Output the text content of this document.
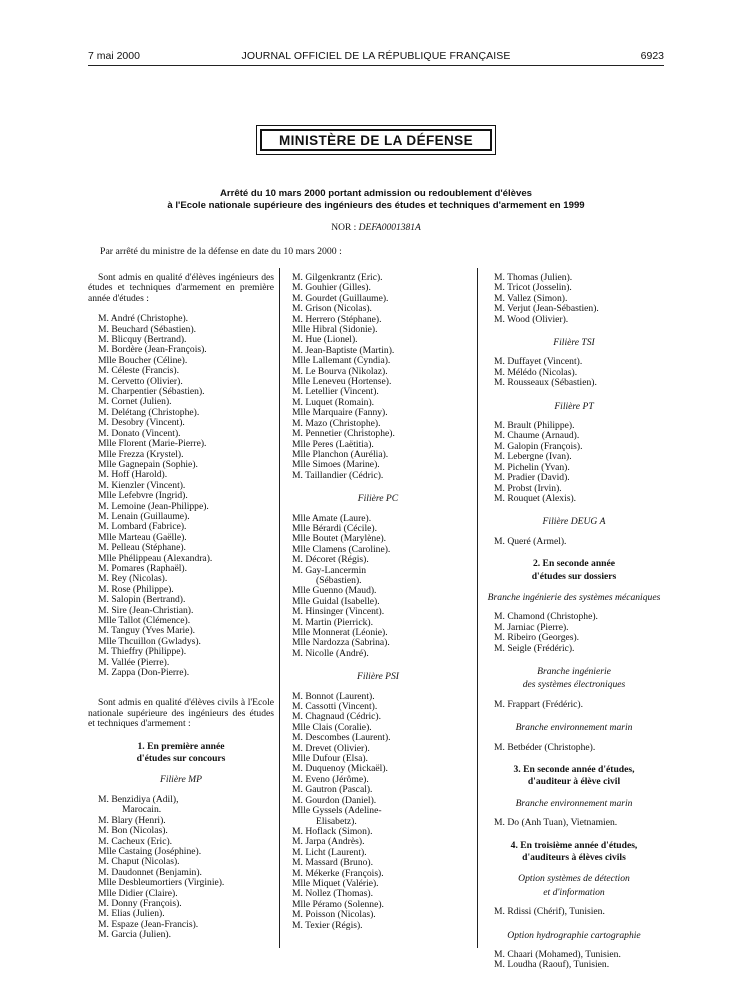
7 mai 2000	JOURNAL OFFICIEL DE LA RÉPUBLIQUE FRANÇAISE	6923
MINISTÈRE DE LA DÉFENSE
Arrêté du 10 mars 2000 portant admission ou redoublement d'élèves
à l'Ecole nationale supérieure des ingénieurs des études et techniques d'armement en 1999
NOR : DEFA0001381A
Par arrêté du ministre de la défense en date du 10 mars 2000 :
Sont admis en qualité d'élèves ingénieurs des études et techniques d'armement en première année d'études :
M. André (Christophe).
M. Beuchard (Sébastien).
M. Blicquy (Bertrand).
M. Bordère (Jean-François).
Mlle Boucher (Céline).
M. Céleste (Francis).
M. Cervetto (Olivier).
M. Charpentier (Sébastien).
M. Cornet (Julien).
M. Delétang (Christophe).
M. Desobry (Vincent).
M. Donato (Vincent).
Mlle Florent (Marie-Pierre).
Mlle Frezza (Krystel).
Mlle Gagnepain (Sophie).
M. Hoff (Harold).
M. Kienzler (Vincent).
Mlle Lefebvre (Ingrid).
M. Lemoine (Jean-Philippe).
M. Lenain (Guillaume).
M. Lombard (Fabrice).
Mlle Marteau (Gaëlle).
M. Pelleau (Stéphane).
Mlle Phélippeau (Alexandra).
M. Pomares (Raphaël).
M. Rey (Nicolas).
M. Rose (Philippe).
M. Salopin (Bertrand).
M. Sire (Jean-Christian).
Mlle Tallot (Clémence).
M. Tanguy (Yves Marie).
Mlle Thcuillon (Gwladys).
M. Thieffry (Philippe).
M. Vallée (Pierre).
M. Zappa (Don-Pierre).
Sont admis en qualité d'élèves civils à l'Ecole nationale supérieure des ingénieurs des études et techniques d'armement :
1. En première année
d'études sur concours
Filière MP
M. Benzidiya (Adil),
Marocain.
M. Blary (Henri).
M. Bon (Nicolas).
M. Cacheux (Eric).
Mlle Castaing (Joséphine).
M. Chaput (Nicolas).
M. Daudonnet (Benjamin).
Mlle Desbleumortiers (Virginie).
Mlle Didier (Claire).
M. Donny (François).
M. Elias (Julien).
M. Espaze (Jean-Francis).
M. Garcia (Julien).
M. Gilgenkrantz (Eric).
M. Gouhier (Gilles).
M. Gourdet (Guillaume).
M. Grison (Nicolas).
M. Herrero (Stéphane).
Mlle Hibral (Sidonie).
M. Hue (Lionel).
M. Jean-Baptiste (Martin).
Mlle Lallemant (Cyndia).
M. Le Bourva (Nikolaz).
Mlle Leneveu (Hortense).
M. Letellier (Vincent).
M. Luquet (Romain).
Mlle Marquaire (Fanny).
M. Mazo (Christophe).
M. Pennetier (Christophe).
Mlle Peres (Laëtitia).
Mlle Planchon (Aurélia).
Mlle Simoes (Marine).
M. Taillandier (Cédric).
Filière PC
Mlle Amate (Laure).
Mlle Bérardi (Cécile).
Mlle Boutet (Marylène).
Mlle Clamens (Caroline).
M. Décoret (Régis).
M. Gay-Lancermin
(Sébastien).
Mlle Guenno (Maud).
Mlle Guidal (Isabelle).
M. Hinsinger (Vincent).
M. Martin (Pierrick).
Mlle Monnerat (Léonie).
Mlle Nardozza (Sabrina).
M. Nicolle (André).
Filière PSI
M. Bonnot (Laurent).
M. Cassotti (Vincent).
M. Chagnaud (Cédric).
Mlle Clais (Coralie).
M. Descombes (Laurent).
M. Drevet (Olivier).
Mlle Dufour (Elsa).
M. Duquenoy (Mickaël).
M. Eveno (Jérôme).
M. Gautron (Pascal).
M. Gourdon (Daniel).
Mlle Gyssels (Adeline-
Elisabetz).
M. Hoflack (Simon).
M. Jarpa (Andrès).
M. Licht (Laurent).
M. Massard (Bruno).
M. Mékerke (François).
Mlle Miquet (Valérie).
M. Nollez (Thomas).
Mlle Péramo (Solenne).
M. Poisson (Nicolas).
M. Texier (Régis).
M. Thomas (Julien).
M. Tricot (Josselin).
M. Vallez (Simon).
M. Verjut (Jean-Sébastien).
M. Wood (Olivier).
Filière TSI
M. Duffayet (Vincent).
M. Mélédo (Nicolas).
M. Rousseaux (Sébastien).
Filière PT
M. Brault (Philippe).
M. Chaume (Arnaud).
M. Galopin (François).
M. Lebergne (Ivan).
M. Pichelin (Yvan).
M. Pradier (David).
M. Probst (Irvin).
M. Rouquet (Alexis).
Filière DEUG A
M. Queré (Armel).
2. En seconde année
d'études sur dossiers
Branche ingénierie des systèmes mécaniques
M. Chamond (Christophe).
M. Jarniac (Pierre).
M. Ribeiro (Georges).
M. Seigle (Frédéric).
Branche ingénierie
des systèmes électroniques
M. Frappart (Frédéric).
Branche environnement marin
M. Betbéder (Christophe).
3. En seconde année d'études,
d'auditeur à élève civil
Branche environnement marin
M. Do (Anh Tuan), Vietnamien.
4. En troisième année d'études,
d'auditeurs à élèves civils
Option systèmes de détection
et d'information
M. Rdissi (Chérif), Tunisien.
Option hydrographie cartographie
M. Chaari (Mohamed), Tunisien.
M. Loudha (Raouf), Tunisien.
